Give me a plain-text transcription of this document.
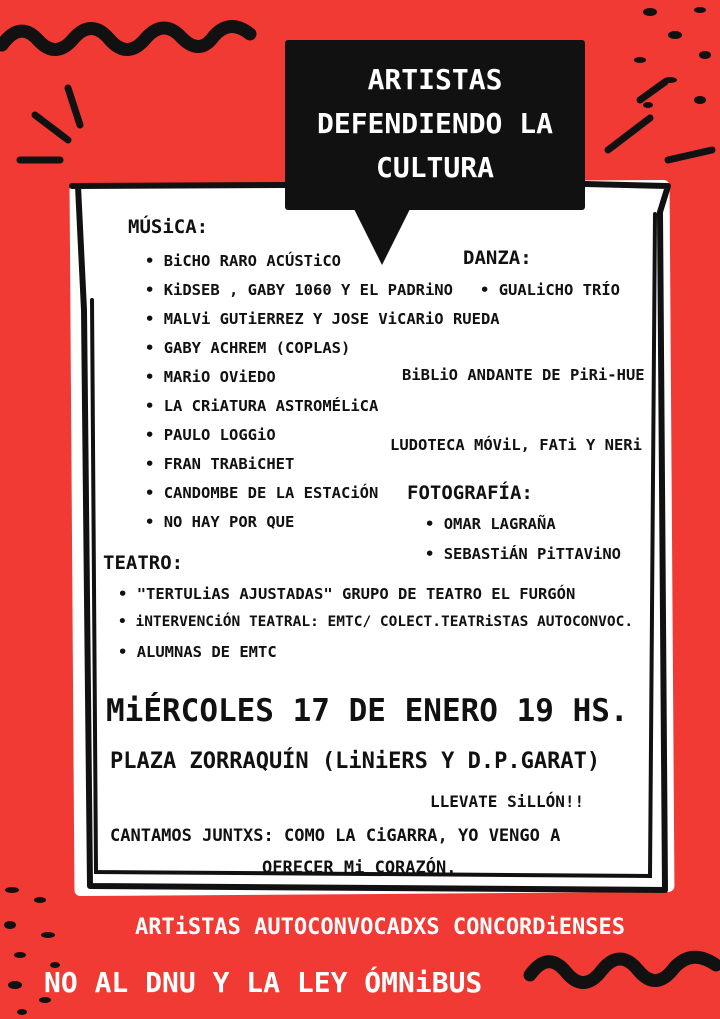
ARTISTAS
DEFENDIENDO LA
CULTURA
MÚSiCA:
• BiCHO RARO ACÚSTiCO
• KiDSEB , GABY 1060 Y EL PADRiNO
• MALVi GUTiERREZ Y JOSE ViCARiO RUEDA
• GABY ACHREM (COPLAS)
• MARiO OViEDO
• LA CRiATURA ASTROMÉLiCA
• PAULO LOGGiO
• FRAN TRABiCHET
• CANDOMBE DE LA ESTACiÓN
• NO HAY POR QUE
DANZA:
• GUALiCHO TRÍO
BiBLiO ANDANTE DE PiRi-HUE
LUDOTECA MÓViL, FATi Y NERi
FOTOGRAFÍA:
• OMAR LAGRAÑA
• SEBASTiÁN PiTTAViNO
TEATRO:
• "TERTULiAS AJUSTADAS" GRUPO DE TEATRO EL FURGÓN
• iNTERVENCiÓN TEATRAL: EMTC/ COLECT.TEATRiSTAS AUTOCONVOC.
• ALUMNAS DE EMTC
MiÉRCOLES 17 DE ENERO 19 HS.
PLAZA ZORRAQUÍN (LiNiERS Y D.P.GARAT)
LLEVATE SiLLÓN!!
CANTAMOS JUNTXS: COMO LA CiGARRA, YO VENGO A
OFRECER Mi CORAZÓN,
ARTiSTAS AUTOCONVOCADXS CONCORDiENSES
NO AL DNU Y LA LEY ÓMNiBUS
